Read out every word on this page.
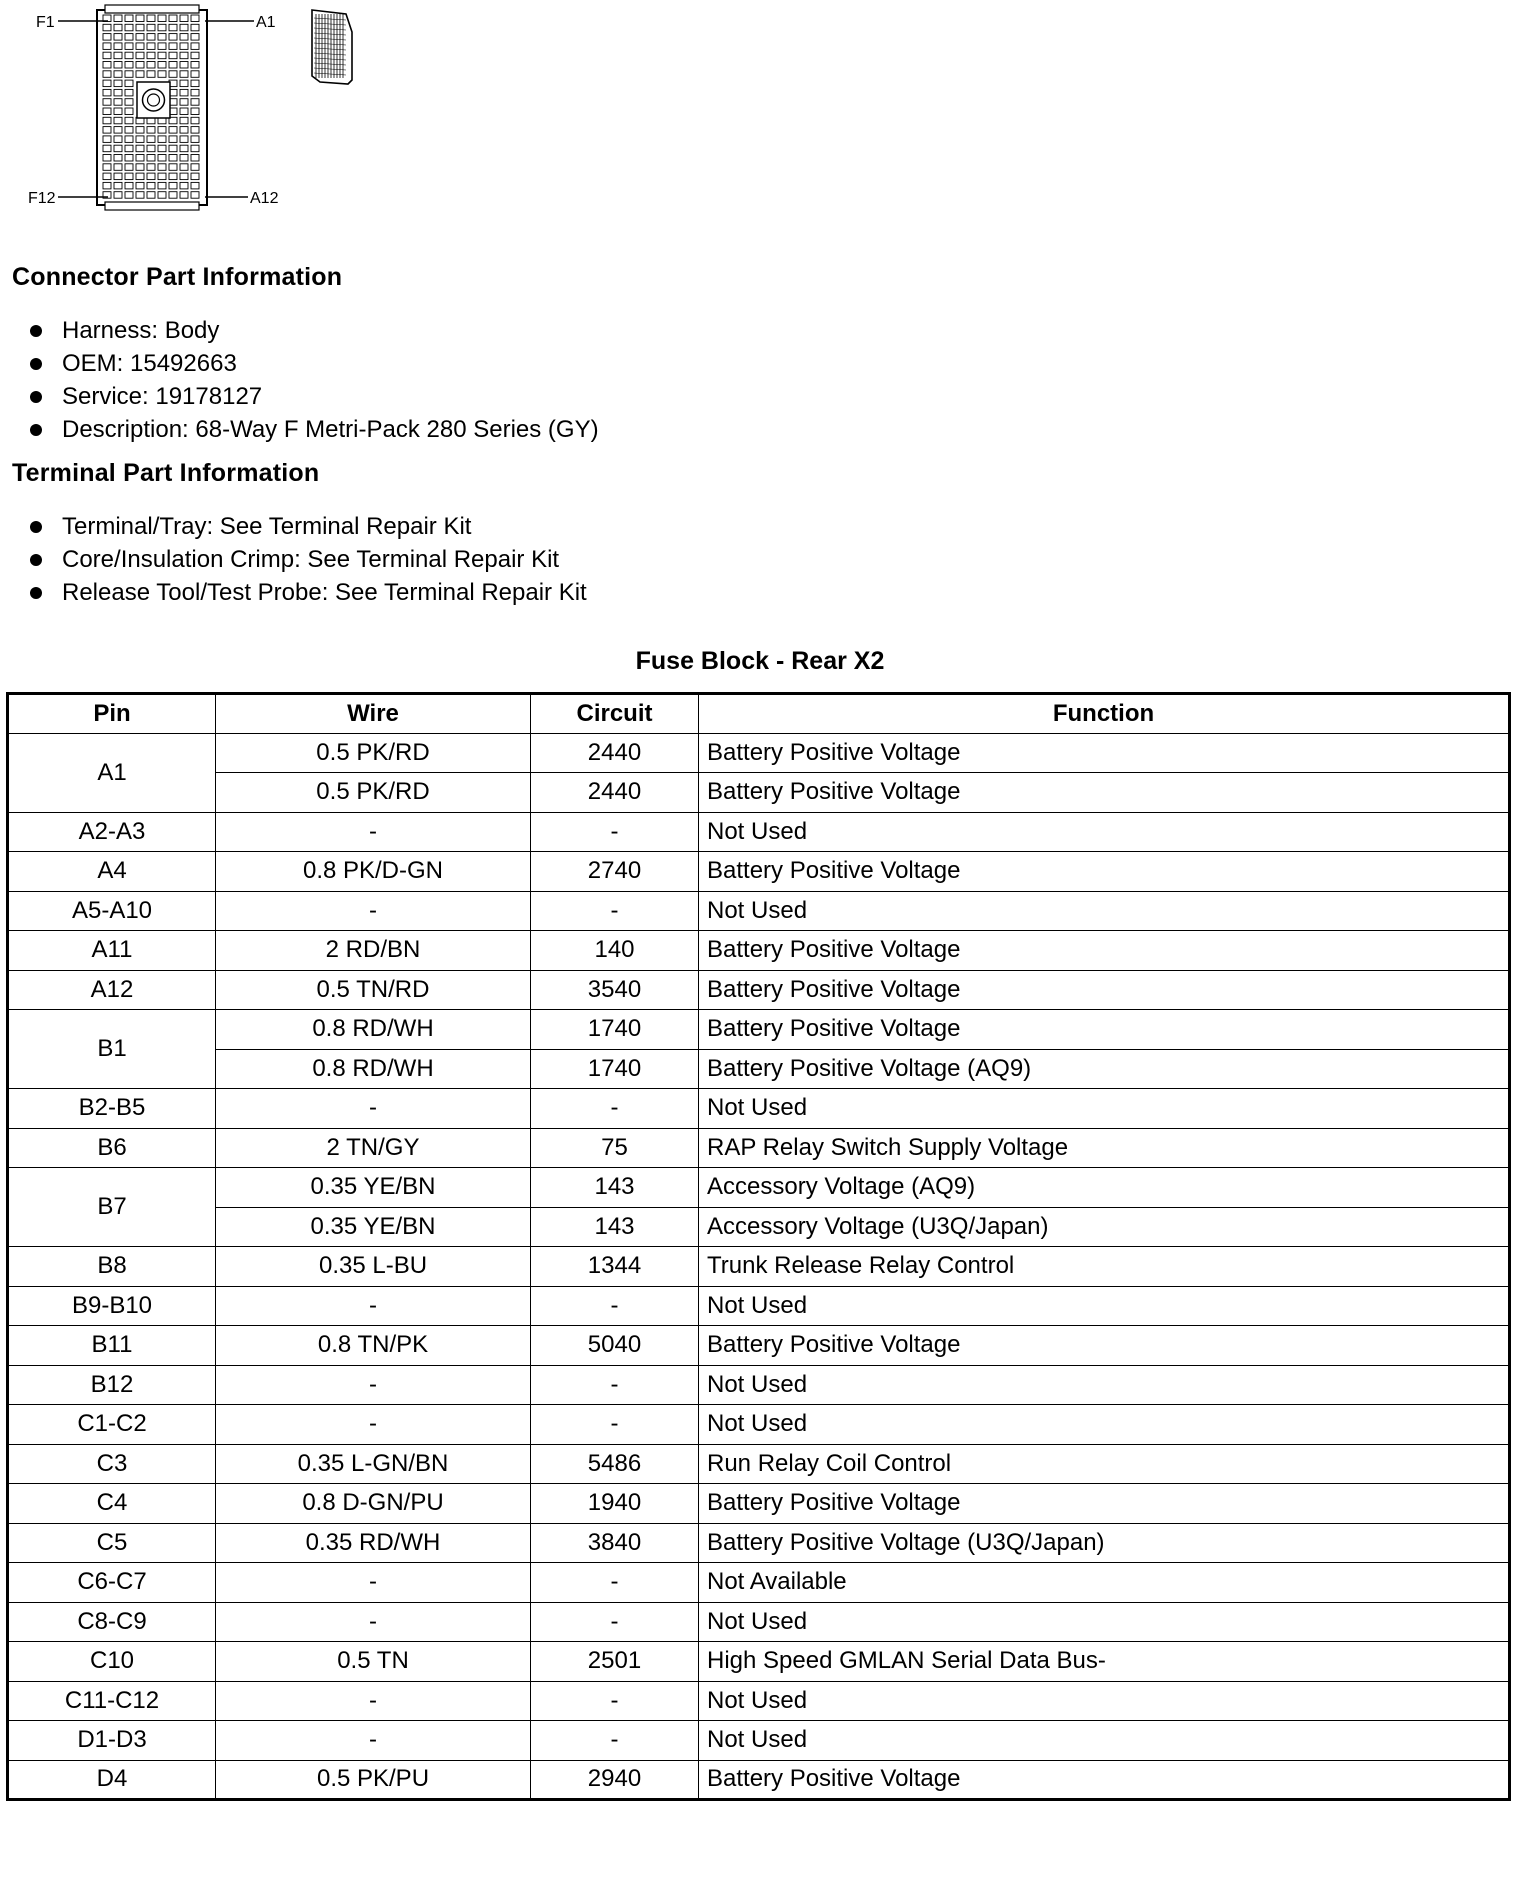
F1	A1
F12	A12
Connector Part Information
Harness: Body
OEM: 15492663
Service: 19178127
Description: 68-Way F Metri-Pack 280 Series (GY)
Terminal Part Information
Terminal/Tray: See Terminal Repair Kit
Core/Insulation Crimp: See Terminal Repair Kit
Release Tool/Test Probe: See Terminal Repair Kit
Fuse Block - Rear X2
Pin	Wire	Circuit	Function
A1	0.5 PK/RD	2440	Battery Positive Voltage
	0.5 PK/RD	2440	Battery Positive Voltage
A2-A3	-	-	Not Used
A4	0.8 PK/D-GN	2740	Battery Positive Voltage
A5-A10	-	-	Not Used
A11	2 RD/BN	140	Battery Positive Voltage
A12	0.5 TN/RD	3540	Battery Positive Voltage
B1	0.8 RD/WH	1740	Battery Positive Voltage
	0.8 RD/WH	1740	Battery Positive Voltage (AQ9)
B2-B5	-	-	Not Used
B6	2 TN/GY	75	RAP Relay Switch Supply Voltage
B7	0.35 YE/BN	143	Accessory Voltage (AQ9)
	0.35 YE/BN	143	Accessory Voltage (U3Q/Japan)
B8	0.35 L-BU	1344	Trunk Release Relay Control
B9-B10	-	-	Not Used
B11	0.8 TN/PK	5040	Battery Positive Voltage
B12	-	-	Not Used
C1-C2	-	-	Not Used
C3	0.35 L-GN/BN	5486	Run Relay Coil Control
C4	0.8 D-GN/PU	1940	Battery Positive Voltage
C5	0.35 RD/WH	3840	Battery Positive Voltage (U3Q/Japan)
C6-C7	-	-	Not Available
C8-C9	-	-	Not Used
C10	0.5 TN	2501	High Speed GMLAN Serial Data Bus-
C11-C12	-	-	Not Used
D1-D3	-	-	Not Used
D4	0.5 PK/PU	2940	Battery Positive Voltage
